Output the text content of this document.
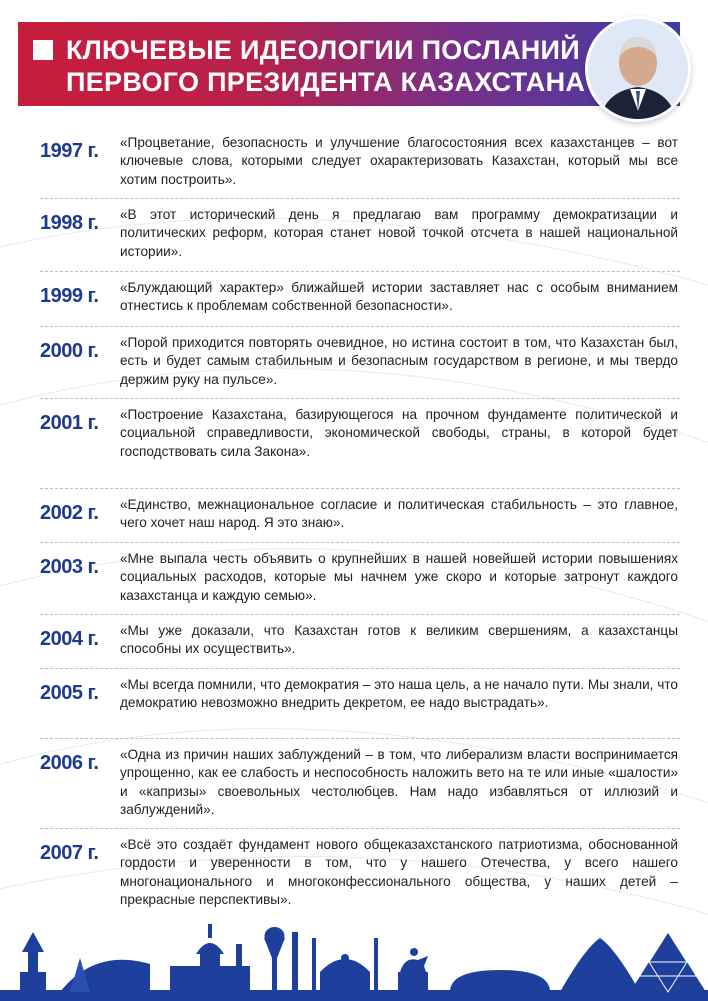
КЛЮЧЕВЫЕ ИДЕОЛОГИИ ПОСЛАНИЙ
ПЕРВОГО ПРЕЗИДЕНТА КАЗАХСТАНА
1997 г.	«Процветание, безопасность и улучшение благосостояния всех казахстанцев – вот ключевые слова, которыми следует охарактеризовать Казахстан, который мы все хотим построить».
1998 г.	«В этот исторический день я предлагаю вам программу демократизации и политических реформ, которая станет новой точкой отсчета в нашей национальной истории».
1999 г.	«Блуждающий характер» ближайшей истории заставляет нас с особым вниманием отнестись к проблемам собственной безопасности».
2000 г.	«Порой приходится повторять очевидное, но истина состоит в том, что Казахстан был, есть и будет самым стабильным и безопасным государством в регионе, и мы твердо держим руку на пульсе».
2001 г.	«Построение Казахстана, базирующегося на прочном фундаменте политической и социальной справедливости, экономической свободы, страны, в которой будет господствовать сила Закона».
2002 г.	«Единство, межнациональное согласие и политическая стабильность – это главное, чего хочет наш народ. Я это знаю».
2003 г.	«Мне выпала честь объявить о крупнейших в нашей новейшей истории повышениях социальных расходов, которые мы начнем уже скоро и которые затронут каждого казахстанца и каждую семью».
2004 г.	«Мы уже доказали, что Казахстан готов к великим свершениям, а казахстанцы способны их осуществить».
2005 г.	«Мы всегда помнили, что демократия – это наша цель, а не начало пути. Мы знали, что демократию невозможно внедрить декретом, ее надо выстрадать».
2006 г.	«Одна из причин наших заблуждений – в том, что либерализм власти воспринимается упрощенно, как ее слабость и неспособность наложить вето на те или иные «шалости» и «капризы» своевольных честолюбцев. Нам надо избавляться от иллюзий и заблуждений».
2007 г.	«Всё это создаёт фундамент нового общеказахстанского патриотизма, обоснованной гордости и уверенности в том, что у нашего Отечества, у всего нашего многонационального и многоконфессионального общества, у наших детей – прекрасные перспективы».
